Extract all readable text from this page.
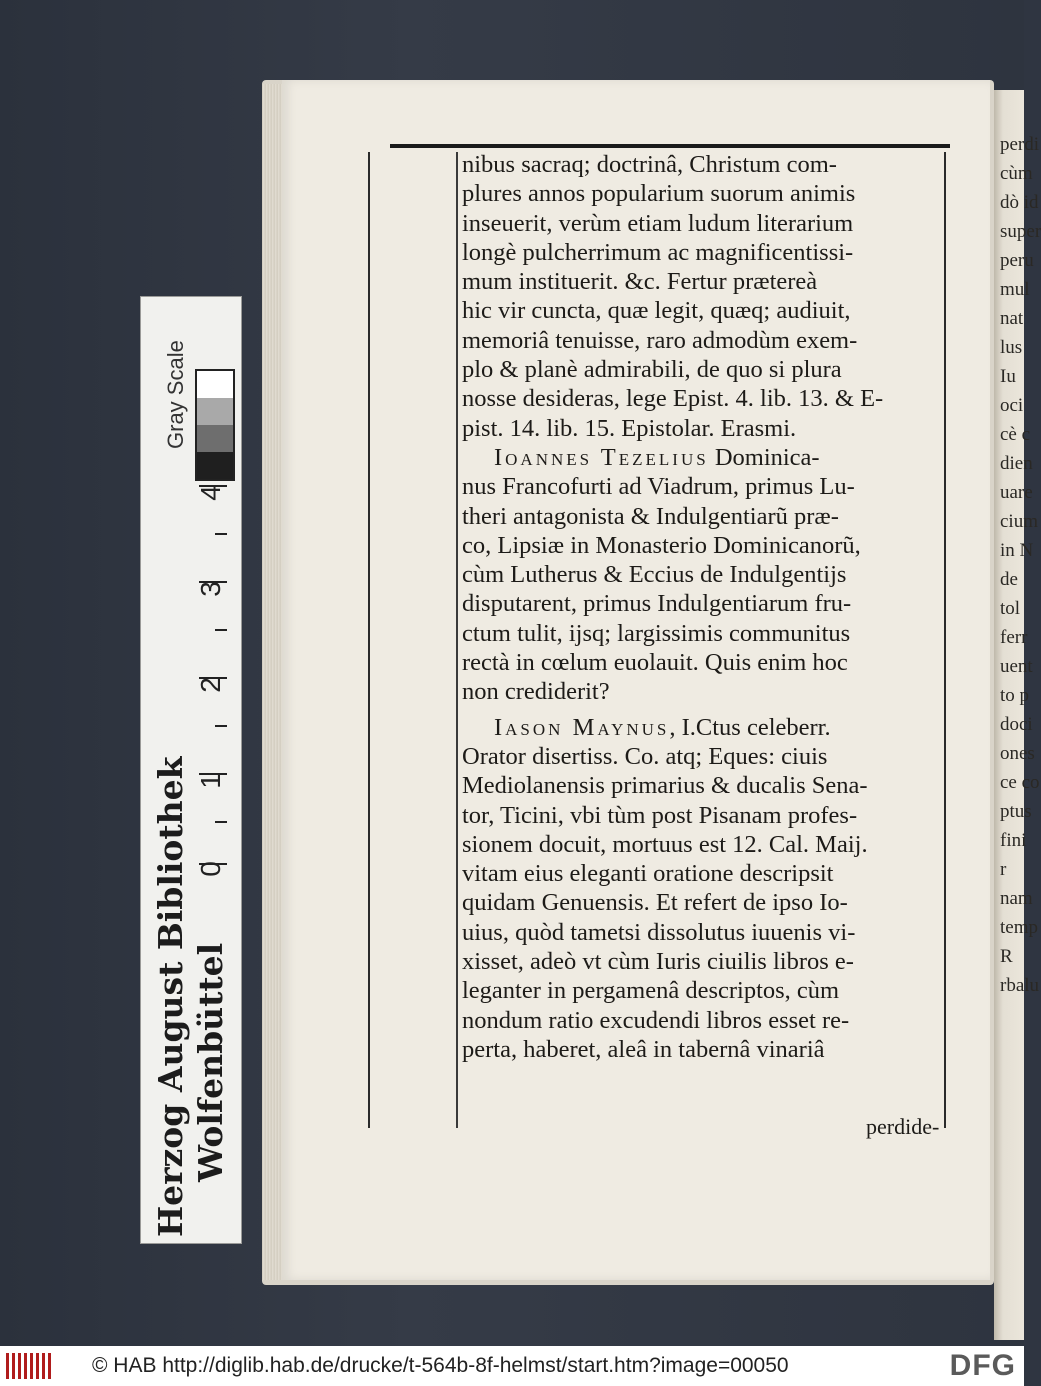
Gray Scale
4
3
2
1
0
Herzog August Bibliothek Wolfenbüttel
nibus sacraq; doctrinâ, Christum com-
plures annos popularium suorum animis
inseuerit, verùm etiam ludum literarium
longè pulcherrimum ac magnificentissi-
mum instituerit. &c. Fertur prætereà
hic vir cuncta, quæ legit, quæq; audiuit,
memoriâ tenuisse, raro admodùm exem-
plo & planè admirabili, de quo si plura
nosse desideras, lege Epist. 4. lib. 13. & E-
pist. 14. lib. 15. Epistolar. Erasmi.
Ioannes Tezelius Dominica-
nus Francofurti ad Viadrum, primus Lu-
theri antagonista & Indulgentiarũ præ-
co, Lipsiæ in Monasterio Dominicanorũ,
cùm Lutherus & Eccius de Indulgentijs
disputarent, primus Indulgentiarum fru-
ctum tulit, ijsq; largissimis communitus
rectà in cœlum euolauit. Quis enim hoc
non crediderit?
Iason Maynus, I.Ctus celeberr.
Orator disertiss. Co. atq; Eques: ciuis
Mediolanensis primarius & ducalis Sena-
tor, Ticini, vbi tùm post Pisanam profes-
sionem docuit, mortuus est 12. Cal. Maij.
vitam eius eleganti oratione descripsit
quidam Genuensis. Et refert de ipso Io-
uius, quòd tametsi dissolutus iuuenis vi-
xisset, adeò vt cùm Iuris ciuilis libros e-
leganter in pergamenâ descriptos, cùm
nondum ratio excudendi libros esset re-
perta, haberet, aleâ in tabernâ vinariâ
perdide-
perdi
cùm
dò id
super
peru
mul
nat
lus
Iu
oci
cè c
dien
uare
cium
in N
de
tol
ferr
uent
to p
doci
ones
ce co
ptus
fini
r
nam
temp
R
rbalu
© HAB http://diglib.hab.de/drucke/t-564b-8f-helmst/start.htm?image=00050	DFG
